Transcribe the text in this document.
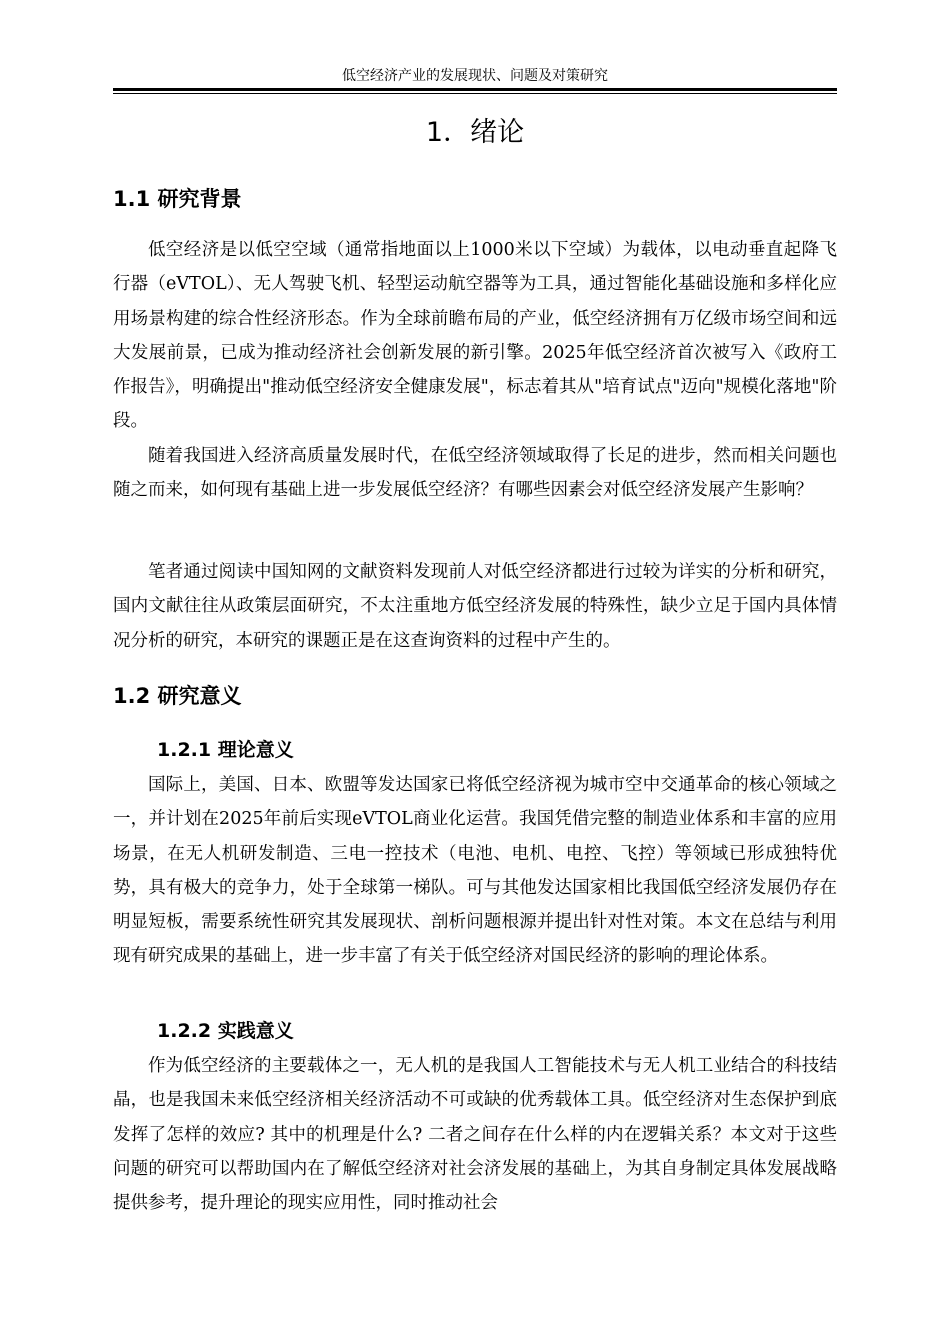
低空经济产业的发展现状、问题及对策研究
1．绪论
1.1 研究背景

低空经济是以低空空域（通常指地面以上1000米以下空域）为载体，以电动垂直起降飞行器（eVTOL）、无人驾驶飞机、轻型运动航空器等为工具，通过智能化基础设施和多样化应用场景构建的综合性经济形态。作为全球前瞻布局的产业，低空经济拥有万亿级市场空间和远大发展前景，已成为推动经济社会创新发展的新引擎。2025年低空经济首次被写入《政府工作报告》，明确提出"推动低空经济安全健康发展"，标志着其从"培育试点"迈向"规模化落地"阶段。

随着我国进入经济高质量发展时代，在低空经济领域取得了长足的进步，然而相关问题也随之而来，如何现有基础上进一步发展低空经济？有哪些因素会对低空经济发展产生影响？

笔者通过阅读中国知网的文献资料发现前人对低空经济都进行过较为详实的分析和研究，国内文献往往从政策层面研究，不太注重地方低空经济发展的特殊性，缺少立足于国内具体情况分析的研究，本研究的课题正是在这查询资料的过程中产生的。

1.2 研究意义
1.2.1 理论意义

国际上，美国、日本、欧盟等发达国家已将低空经济视为城市空中交通革命的核心领域之一，并计划在2025年前后实现eVTOL商业化运营。我国凭借完整的制造业体系和丰富的应用场景，在无人机研发制造、三电一控技术（电池、电机、电控、飞控）等领域已形成独特优势，具有极大的竞争力，处于全球第一梯队。可与其他发达国家相比我国低空经济发展仍存在明显短板，需要系统性研究其发展现状、剖析问题根源并提出针对性对策。本文在总结与利用现有研究成果的基础上，进一步丰富了有关于低空经济对国民经济的影响的理论体系。

1.2.2 实践意义

作为低空经济的主要载体之一，无人机的是我国人工智能技术与无人机工业结合的科技结晶，也是我国未来低空经济相关经济活动不可或缺的优秀载体工具。低空经济对生态保护到底发挥了怎样的效应? 其中的机理是什么? 二者之间存在什么样的内在逻辑关系？本文对于这些问题的研究可以帮助国内在了解低空经济对社会济发展的基础上，为其自身制定具体发展战略提供参考，提升理论的现实应用性，同时推动社会
